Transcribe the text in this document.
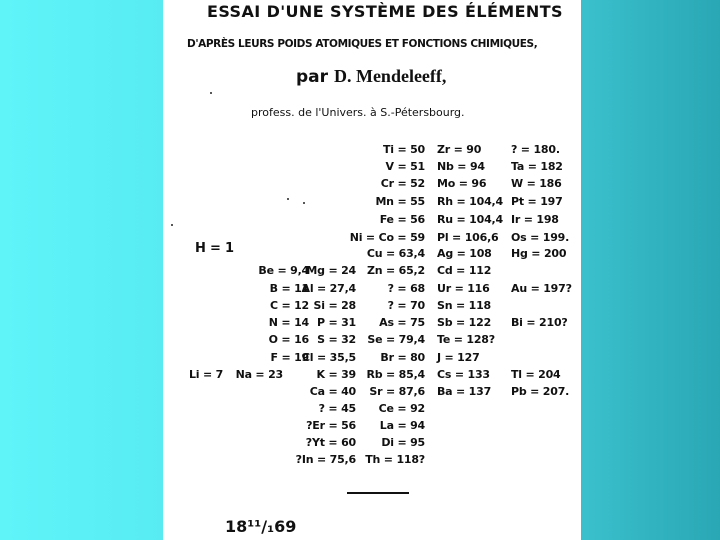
ESSAI D'UNE SYSTÈME DES ÉLÉMENTS
D'APRÈS LEURS POIDS ATOMIQUES ET FONCTIONS CHIMIQUES,
par D. Mendeleeff,
profess. de l'Univers. à S.-Pétersbourg.
Ti = 50
V = 51
Cr = 52
Mn = 55
Fe = 56
Ni = Co = 59
Cu = 63,4
Zn = 65,2
? = 68
? = 70
As = 75
Se = 79,4
Br = 80
Rb = 85,4
Sr = 87,6
Ce = 92
La = 94
Di = 95
Th = 118?
Zr = 90
Nb = 94
Mo = 96
Rh = 104,4
Ru = 104,4
Pl = 106,6
Ag = 108
Cd = 112
Ur = 116
Sn = 118
Sb = 122
Te = 128?
J = 127
Cs = 133
Ba = 137
? = 180.
Ta = 182
W = 186
Pt = 197
Ir = 198
Os = 199.
Hg = 200
Au = 197?
Bi = 210?
Tl = 204
Pb = 207.
H = 1
Be = 9,4
B = 11
C = 12
N = 14
O = 16
F = 19
Li = 7 Na = 23
Mg = 24
Al = 27,4
Si = 28
P = 31
S = 32
Cl = 35,5
K = 39
Ca = 40
? = 45
?Er = 56
?Yt = 60
?In = 75,6
18¹¹/₁69
